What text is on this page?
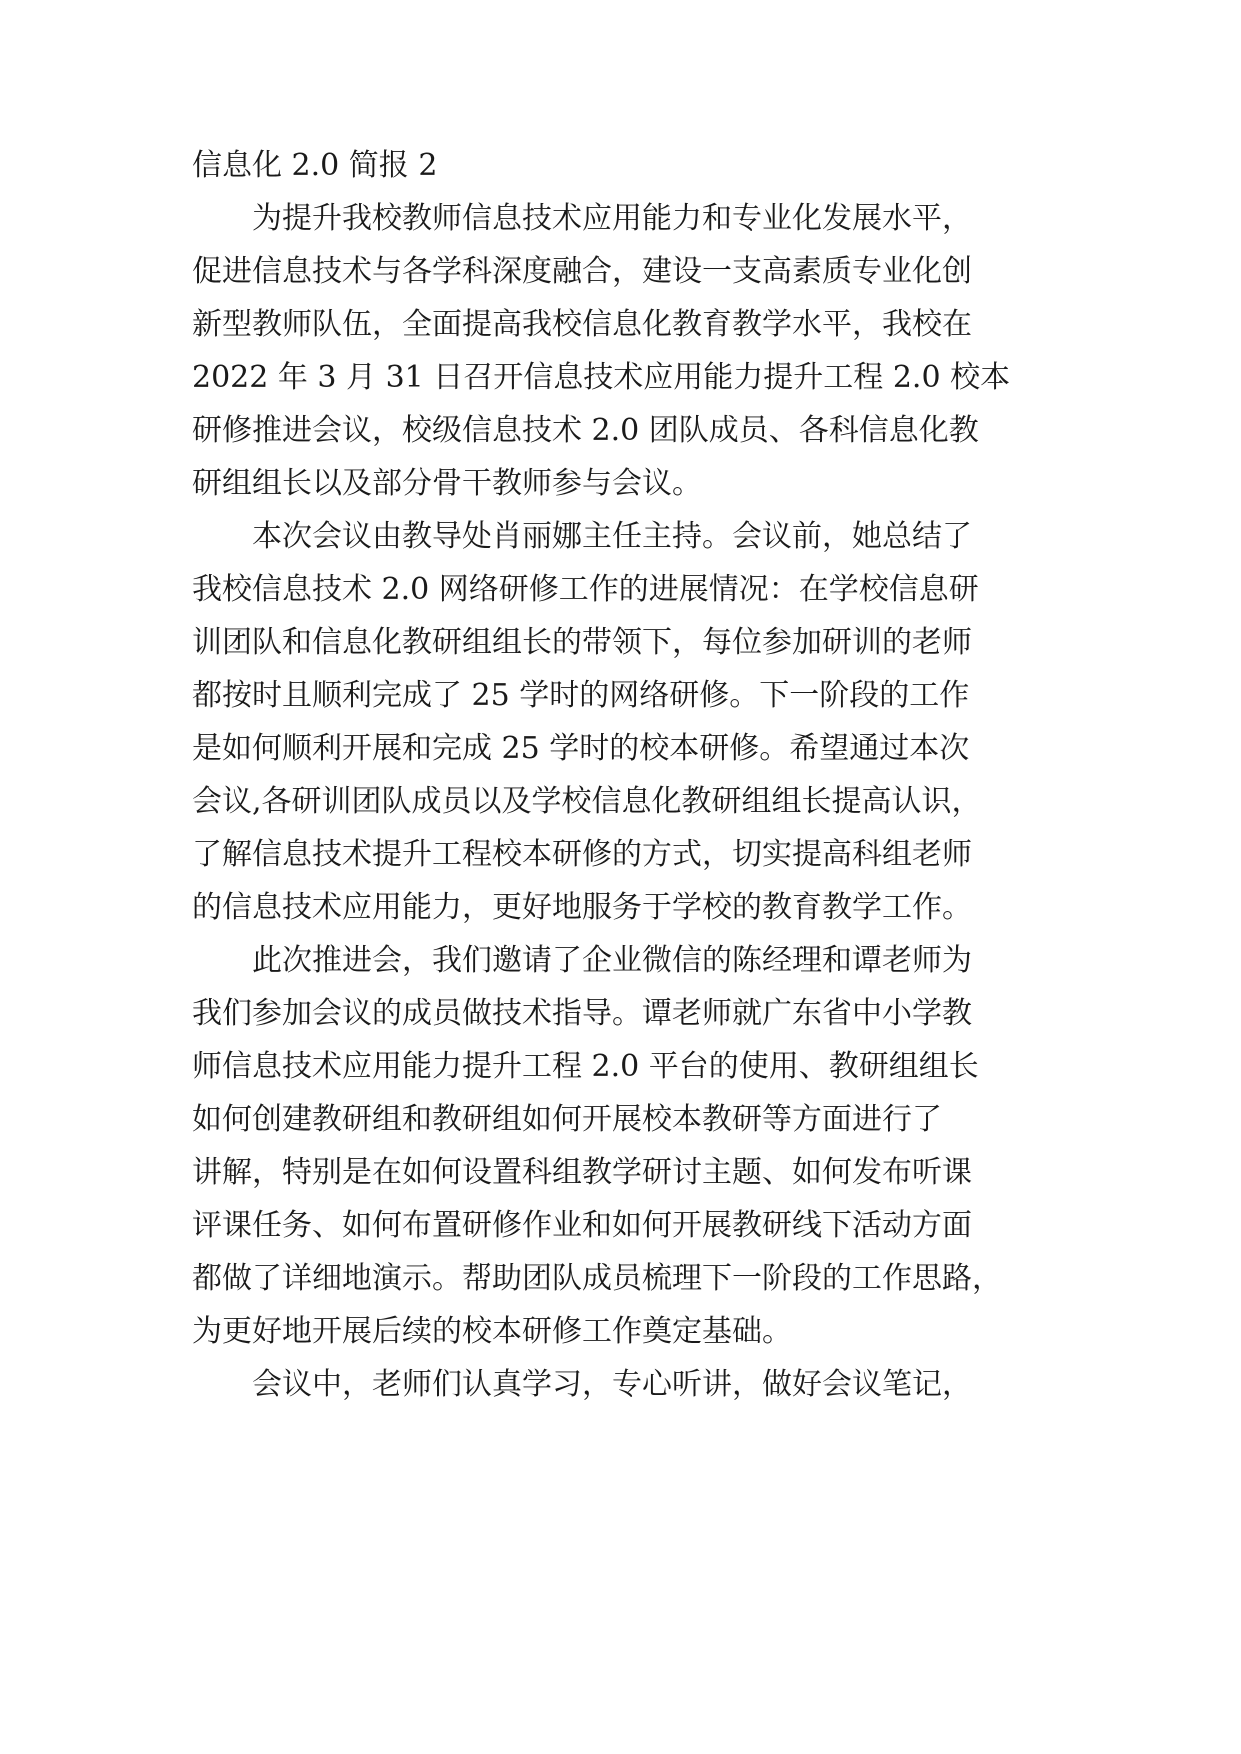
信息化 2.0 简报 2

为提升我校教师信息技术应用能力和专业化发展水平，

促进信息技术与各学科深度融合，建设一支高素质专业化创

新型教师队伍，全面提高我校信息化教育教学水平，我校在

2022 年 3 月 31 日召开信息技术应用能力提升工程 2.0 校本

研修推进会议，校级信息技术 2.0 团队成员、各科信息化教

研组组长以及部分骨干教师参与会议。

本次会议由教导处肖丽娜主任主持。会议前，她总结了

我校信息技术 2.0 网络研修工作的进展情况：在学校信息研

训团队和信息化教研组组长的带领下，每位参加研训的老师

都按时且顺利完成了 25 学时的网络研修。下一阶段的工作

是如何顺利开展和完成 25 学时的校本研修。希望通过本次

会议,各研训团队成员以及学校信息化教研组组长提高认识，

了解信息技术提升工程校本研修的方式，切实提高科组老师

的信息技术应用能力，更好地服务于学校的教育教学工作。

此次推进会，我们邀请了企业微信的陈经理和谭老师为

我们参加会议的成员做技术指导。谭老师就广东省中小学教

师信息技术应用能力提升工程 2.0 平台的使用、教研组组长

如何创建教研组和教研组如何开展校本教研等方面进行了

讲解，特别是在如何设置科组教学研讨主题、如何发布听课

评课任务、如何布置研修作业和如何开展教研线下活动方面

都做了详细地演示。帮助团队成员梳理下一阶段的工作思路，

为更好地开展后续的校本研修工作奠定基础。

会议中，老师们认真学习，专心听讲，做好会议笔记，
